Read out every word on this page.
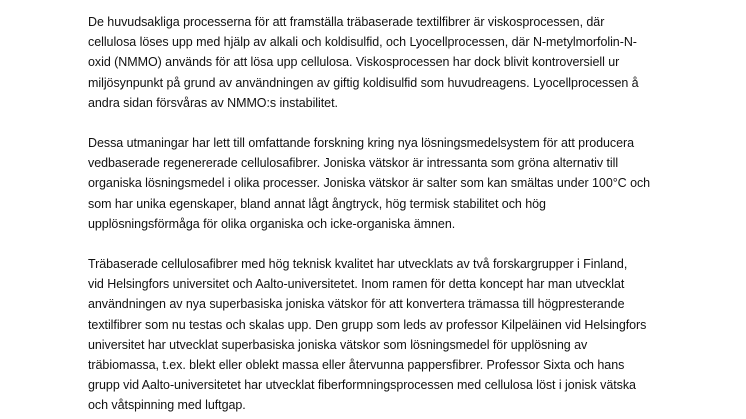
De huvudsakliga processerna för att framställa träbaserade textilfibrer är viskosprocessen, där
cellulosa löses upp med hjälp av alkali och koldisulfid, och Lyocellprocessen, där N-metylmorfolin-N-
oxid (NMMO) används för att lösa upp cellulosa. Viskosprocessen har dock blivit kontroversiell ur
miljösynpunkt på grund av användningen av giftig koldisulfid som huvudreagens. Lyocellprocessen å
andra sidan försvåras av NMMO:s instabilitet.

Dessa utmaningar har lett till omfattande forskning kring nya lösningsmedelsystem för att producera
vedbaserade regenererade cellulosafibrer. Joniska vätskor är intressanta som gröna alternativ till
organiska lösningsmedel i olika processer. Joniska vätskor är salter som kan smältas under 100°C och
som har unika egenskaper, bland annat lågt ångtryck, hög termisk stabilitet och hög
upplösningsförmåga för olika organiska och icke-organiska ämnen.

Träbaserade cellulosafibrer med hög teknisk kvalitet har utvecklats av två forskargrupper i Finland,
vid Helsingfors universitet och Aalto-universitetet. Inom ramen för detta koncept har man utvecklat
användningen av nya superbasiska joniska vätskor för att konvertera trämassa till högpresterande
textilfibrer som nu testas och skalas upp. Den grupp som leds av professor Kilpeläinen vid Helsingfors
universitet har utvecklat superbasiska joniska vätskor som lösningsmedel för upplösning av
träbiomassa, t.ex. blekt eller oblekt massa eller återvunna pappersfibrer. Professor Sixta och hans
grupp vid Aalto-universitetet har utvecklat fiberformningsprocessen med cellulosa löst i jonisk vätska
och våtspinning med luftgap.
